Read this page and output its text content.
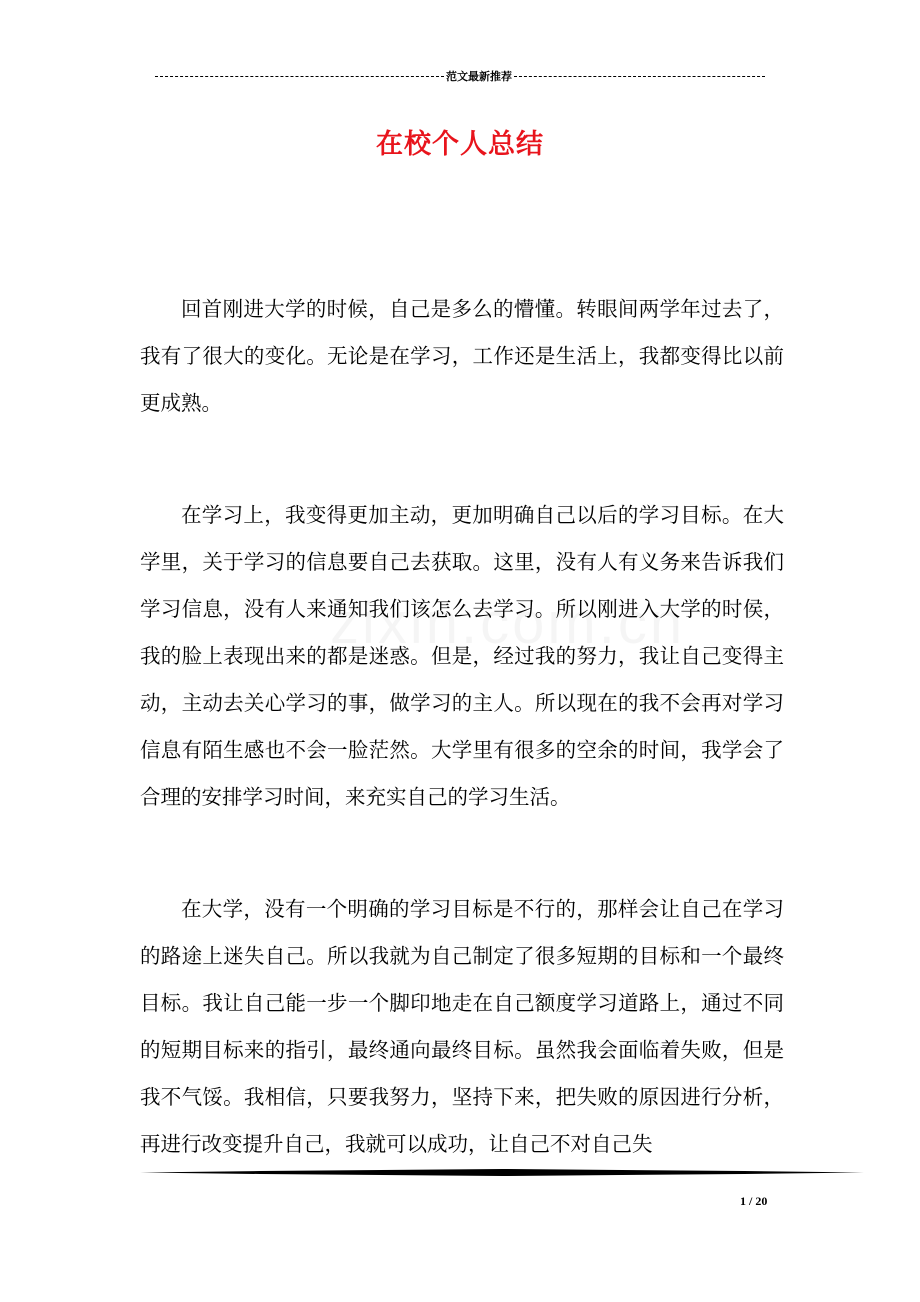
范文最新推荐
在校个人总结

回首刚进大学的时候，自己是多么的懵懂。转眼间两学年过去了，我有了很大的变化。无论是在学习，工作还是生活上，我都变得比以前更成熟。

在学习上，我变得更加主动，更加明确自己以后的学习目标。在大学里，关于学习的信息要自己去获取。这里，没有人有义务来告诉我们学习信息，没有人来通知我们该怎么去学习。所以刚进入大学的时侯，我的脸上表现出来的都是迷惑。但是，经过我的努力，我让自己变得主动，主动去关心学习的事，做学习的主人。所以现在的我不会再对学习信息有陌生感也不会一脸茫然。大学里有很多的空余的时间，我学会了合理的安排学习时间，来充实自己的学习生活。

在大学，没有一个明确的学习目标是不行的，那样会让自己在学习的路途上迷失自己。所以我就为自己制定了很多短期的目标和一个最终目标。我让自己能一步一个脚印地走在自己额度学习道路上，通过不同的短期目标来的指引，最终通向最终目标。虽然我会面临着失败，但是我不气馁。我相信，只要我努力，坚持下来，把失败的原因进行分析，再进行改变提升自己，我就可以成功，让自己不对自己失

1 / 20
